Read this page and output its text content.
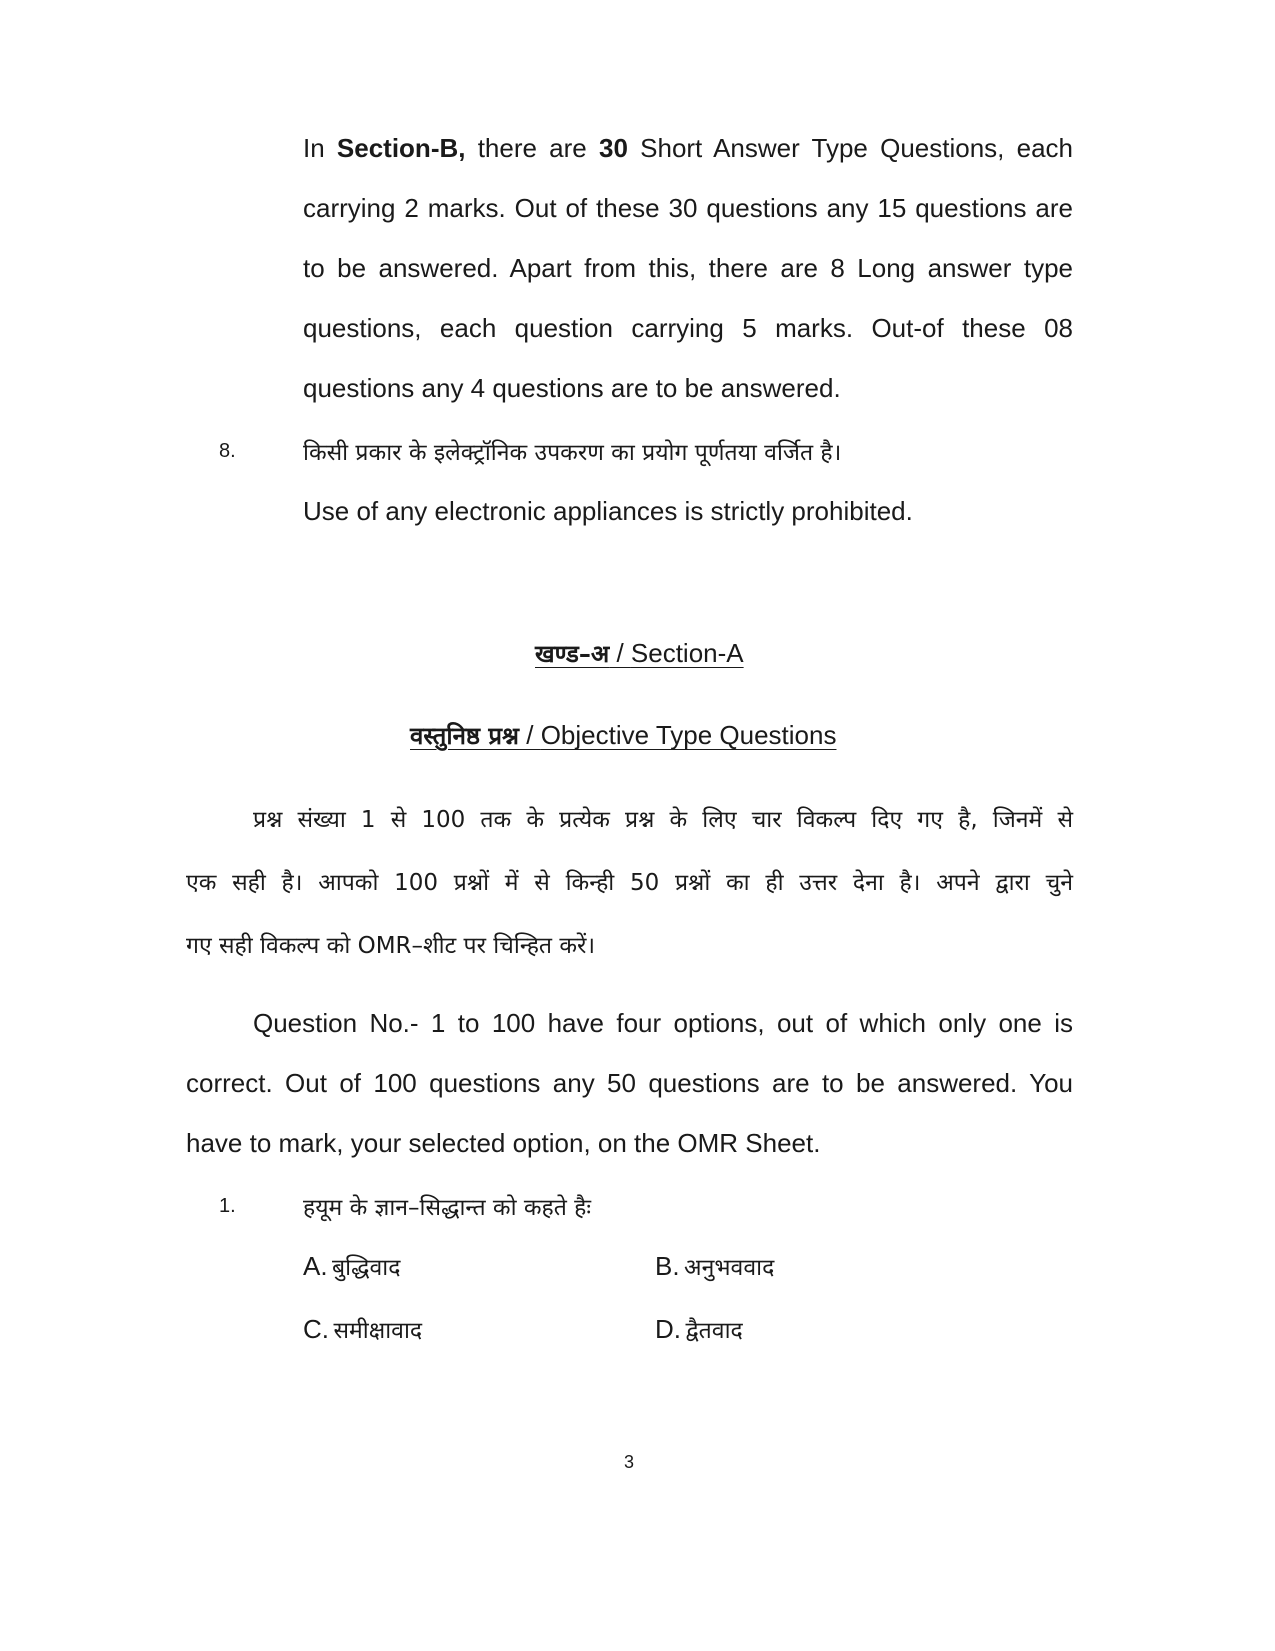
In Section-B, there are 30 Short Answer Type Questions, each
carrying 2 marks. Out of these 30 questions any 15 questions are
to be answered. Apart from this, there are 8 Long answer type
questions, each question carrying 5 marks. Out-of these 08
questions any 4 questions are to be answered.
8.	किसी प्रकार के इलेक्ट्रॉनिक उपकरण का प्रयोग पूर्णतया वर्जित है।
Use of any electronic appliances is strictly prohibited.
खण्ड–अ / Section-A
वस्तुनिष्ठ प्रश्न / Objective Type Questions
प्रश्न संख्या 1 से 100 तक के प्रत्येक प्रश्न के लिए चार विकल्प दिए गए है, जिनमें से
एक सही है। आपको 100 प्रश्नों में से किन्ही 50 प्रश्नों का ही उत्तर देना है। अपने द्वारा चुने
गए सही विकल्प को OMR–शीट पर चिन्हित करें।
Question No.- 1 to 100 have four options, out of which only one is
correct. Out of 100 questions any 50 questions are to be answered. You
have to mark, your selected option, on the OMR Sheet.
1.	हयूम के ज्ञान–सिद्धान्त को कहते हैः
A. बुद्धिवाद	B. अनुभववाद
C. समीक्षावाद	D. द्वैतवाद
3
